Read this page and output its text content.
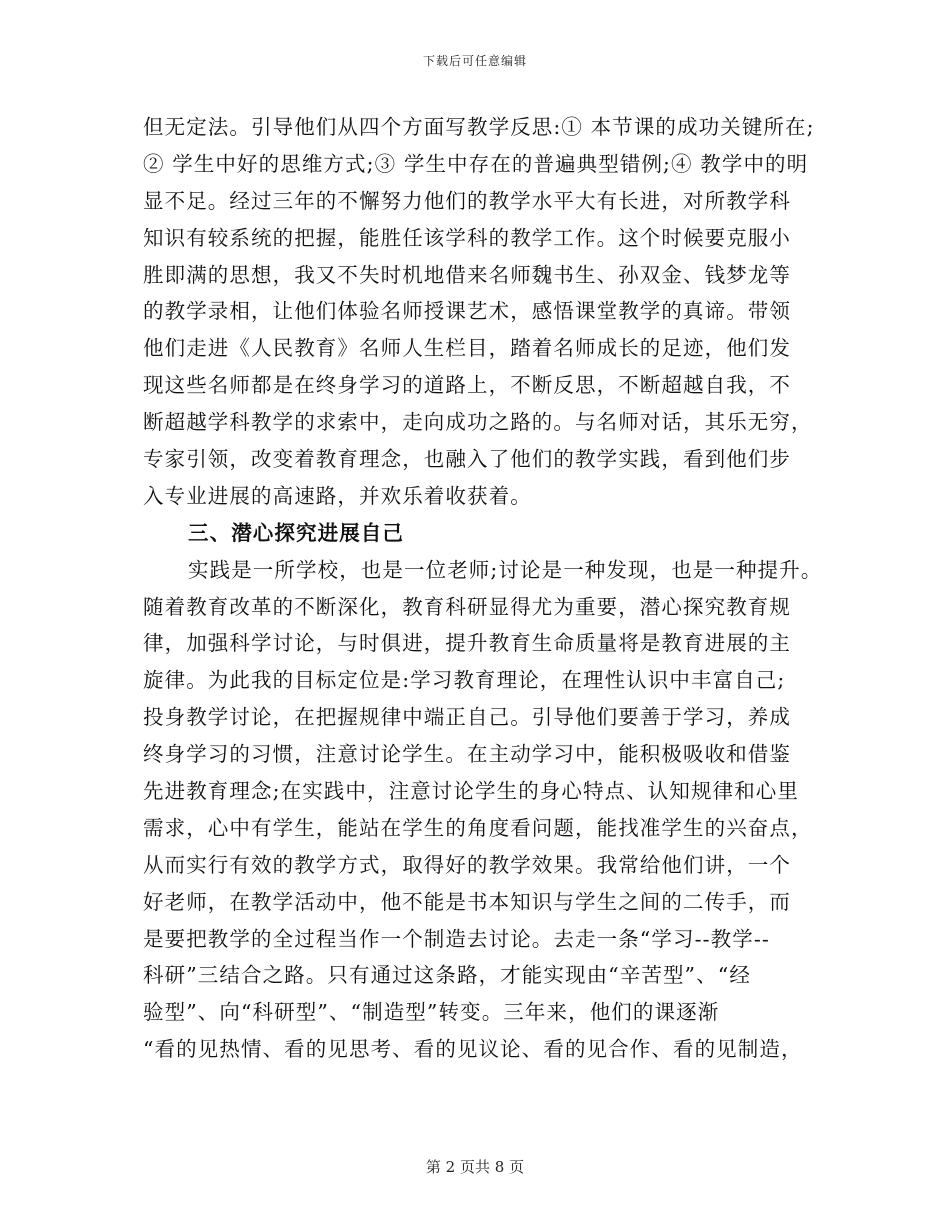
下载后可任意编辑
但无定法。引导他们从四个方面写教学反思:① 本节课的成功关键所在;
② 学生中好的思维方式;③ 学生中存在的普遍典型错例;④ 教学中的明
显不足。经过三年的不懈努力他们的教学水平大有长进，对所教学科
知识有较系统的把握，能胜任该学科的教学工作。这个时候要克服小
胜即满的思想，我又不失时机地借来名师魏书生、孙双金、钱梦龙等
的教学录相，让他们体验名师授课艺术，感悟课堂教学的真谛。带领
他们走进《人民教育》名师人生栏目，踏着名师成长的足迹，他们发
现这些名师都是在终身学习的道路上，不断反思，不断超越自我，不
断超越学科教学的求索中，走向成功之路的。与名师对话，其乐无穷，
专家引领，改变着教育理念，也融入了他们的教学实践，看到他们步
入专业进展的高速路，并欢乐着收获着。
三、潜心探究进展自己
实践是一所学校，也是一位老师;讨论是一种发现，也是一种提升。
随着教育改革的不断深化，教育科研显得尤为重要，潜心探究教育规
律，加强科学讨论，与时俱进，提升教育生命质量将是教育进展的主
旋律。为此我的目标定位是:学习教育理论，在理性认识中丰富自己;
投身教学讨论，在把握规律中端正自己。引导他们要善于学习，养成
终身学习的习惯，注意讨论学生。在主动学习中，能积极吸收和借鉴
先进教育理念;在实践中，注意讨论学生的身心特点、认知规律和心里
需求，心中有学生，能站在学生的角度看问题，能找准学生的兴奋点，
从而实行有效的教学方式，取得好的教学效果。我常给他们讲，一个
好老师，在教学活动中，他不能是书本知识与学生之间的二传手，而
是要把教学的全过程当作一个制造去讨论。去走一条“学习--教学--
科研”三结合之路。只有通过这条路，才能实现由“辛苦型”、“经
验型”、向“科研型”、“制造型”转变。三年来，他们的课逐渐
“看的见热情、看的见思考、看的见议论、看的见合作、看的见制造，
第 2 页共 8 页
